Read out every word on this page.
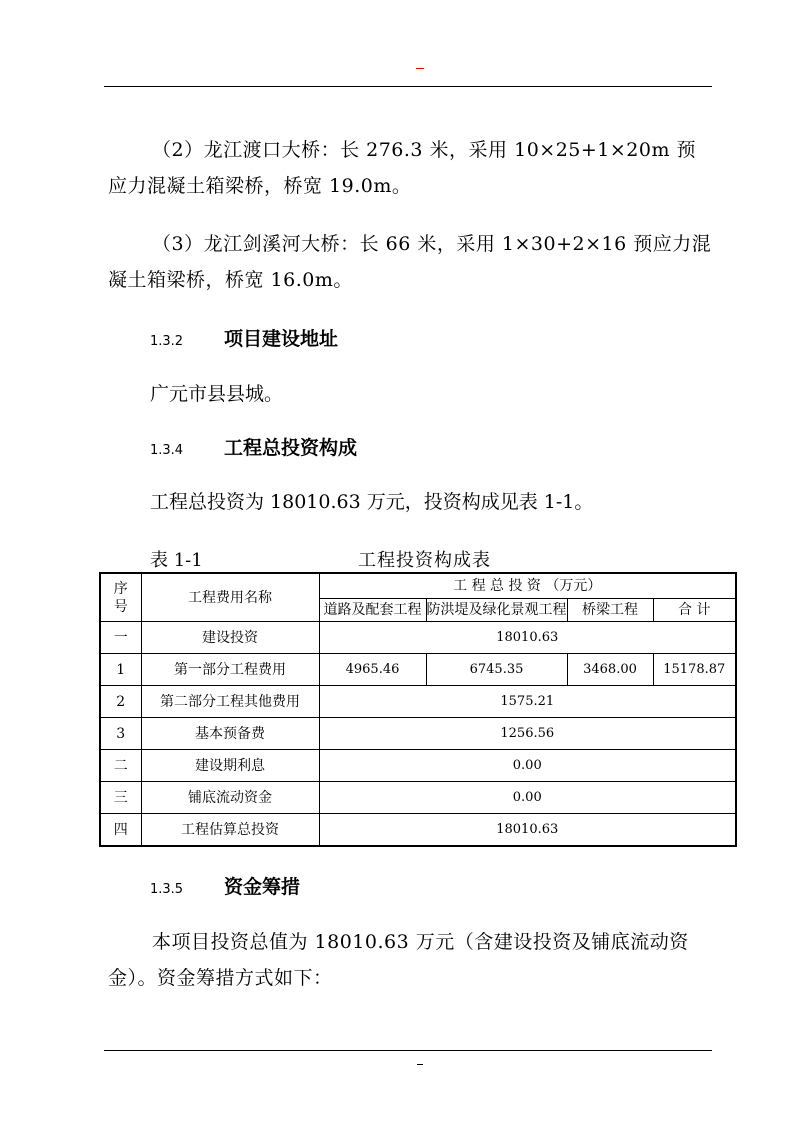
（2）龙江渡口大桥：长 276.3 米，采用 10×25+1×20m 预应力混凝土箱梁桥，桥宽 19.0m。

（3）龙江剑溪河大桥：长 66 米，采用 1×30+2×16 预应力混凝土箱梁桥，桥宽 16.0m。

1.3.2 项目建设地址

广元市县县城。

1.3.4 工程总投资构成

工程总投资为 18010.63 万元，投资构成见表 1-1。

表 1-1	工程投资构成表
序号	工程费用名称	工 程 总 投 资 （万元）			
		道路及配套工程	防洪堤及绿化景观工程	桥梁工程	合 计
一	建设投资	18010.63			
1	第一部分工程费用	4965.46	6745.35	3468.00	15178.87
2	第二部分工程其他费用	1575.21			
3	基本预备费	1256.56			
二	建设期利息	0.00			
三	铺底流动资金	0.00			
四	工程估算总投资	18010.63			
1.3.5 资金筹措

本项目投资总值为 18010.63 万元（含建设投资及铺底流动资金）。资金筹措方式如下：
